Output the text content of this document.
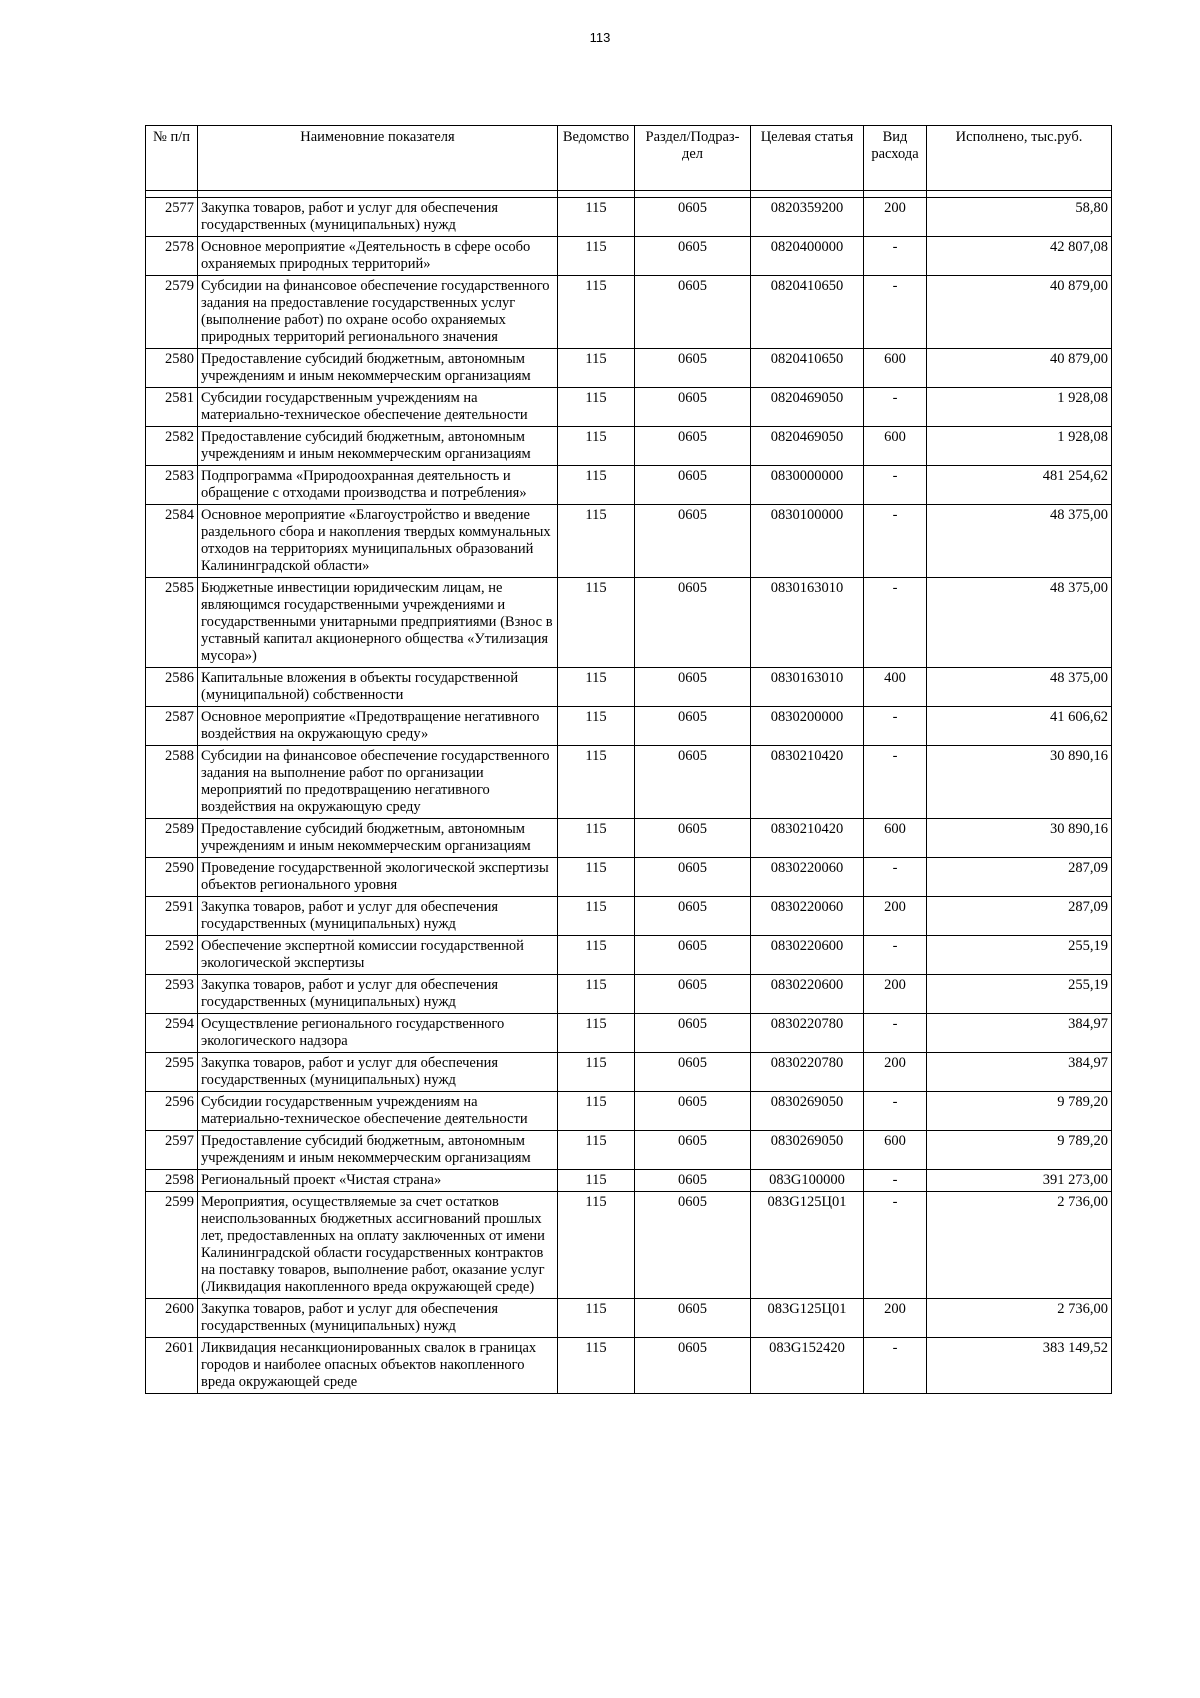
113
№ п/п	Наименовние показателя	Ведомство	Раздел/Подраз-дел	Целевая статья	Вид расхода	Исполнено, тыс.руб.

2577	Закупка товаров, работ и услуг для обеспечения государственных (муниципальных) нужд	115	0605	0820359200	200	58,80
2578	Основное мероприятие «Деятельность в сфере особо охраняемых природных территорий»	115	0605	0820400000	-	42 807,08
2579	Субсидии на финансовое обеспечение государственного задания на предоставление государственных услуг (выполнение работ) по охране особо охраняемых природных территорий регионального значения	115	0605	0820410650	-	40 879,00
2580	Предоставление субсидий бюджетным, автономным учреждениям и иным некоммерческим организациям	115	0605	0820410650	600	40 879,00
2581	Субсидии государственным учреждениям на материально-техническое обеспечение деятельности	115	0605	0820469050	-	1 928,08
2582	Предоставление субсидий бюджетным, автономным учреждениям и иным некоммерческим организациям	115	0605	0820469050	600	1 928,08
2583	Подпрограмма «Природоохранная деятельность и обращение с отходами производства и потребления»	115	0605	0830000000	-	481 254,62
2584	Основное мероприятие «Благоустройство и введение раздельного сбора и накопления твердых коммунальных отходов на территориях муниципальных образований Калининградской области»	115	0605	0830100000	-	48 375,00
2585	Бюджетные инвестиции юридическим лицам, не являющимся государственными учреждениями и государственными унитарными предприятиями (Взнос в уставный капитал акционерного общества «Утилизация мусора»)	115	0605	0830163010	-	48 375,00
2586	Капитальные вложения в объекты государственной (муниципальной) собственности	115	0605	0830163010	400	48 375,00
2587	Основное мероприятие «Предотвращение негативного воздействия на окружающую среду»	115	0605	0830200000	-	41 606,62
2588	Субсидии на финансовое обеспечение государственного задания на выполнение работ по организации мероприятий по предотвращению негативного воздействия на окружающую среду	115	0605	0830210420	-	30 890,16
2589	Предоставление субсидий бюджетным, автономным учреждениям и иным некоммерческим организациям	115	0605	0830210420	600	30 890,16
2590	Проведение государственной экологической экспертизы объектов регионального уровня	115	0605	0830220060	-	287,09
2591	Закупка товаров, работ и услуг для обеспечения государственных (муниципальных) нужд	115	0605	0830220060	200	287,09
2592	Обеспечение экспертной комиссии государственной экологической экспертизы	115	0605	0830220600	-	255,19
2593	Закупка товаров, работ и услуг для обеспечения государственных (муниципальных) нужд	115	0605	0830220600	200	255,19
2594	Осуществление регионального государственного экологического надзора	115	0605	0830220780	-	384,97
2595	Закупка товаров, работ и услуг для обеспечения государственных (муниципальных) нужд	115	0605	0830220780	200	384,97
2596	Субсидии государственным учреждениям на материально-техническое обеспечение деятельности	115	0605	0830269050	-	9 789,20
2597	Предоставление субсидий бюджетным, автономным учреждениям и иным некоммерческим организациям	115	0605	0830269050	600	9 789,20
2598	Региональный проект «Чистая страна»	115	0605	083G100000	-	391 273,00
2599	Мероприятия, осуществляемые за счет остатков неиспользованных бюджетных ассигнований прошлых лет, предоставленных на оплату заключенных от имени Калининградской области государственных контрактов на поставку товаров, выполнение работ, оказание услуг (Ликвидация накопленного вреда окружающей среде)	115	0605	083G125Ц01	-	2 736,00
2600	Закупка товаров, работ и услуг для обеспечения государственных (муниципальных) нужд	115	0605	083G125Ц01	200	2 736,00
2601	Ликвидация несанкционированных свалок в границах городов и наиболее опасных объектов накопленного вреда окружающей среде	115	0605	083G152420	-	383 149,52
